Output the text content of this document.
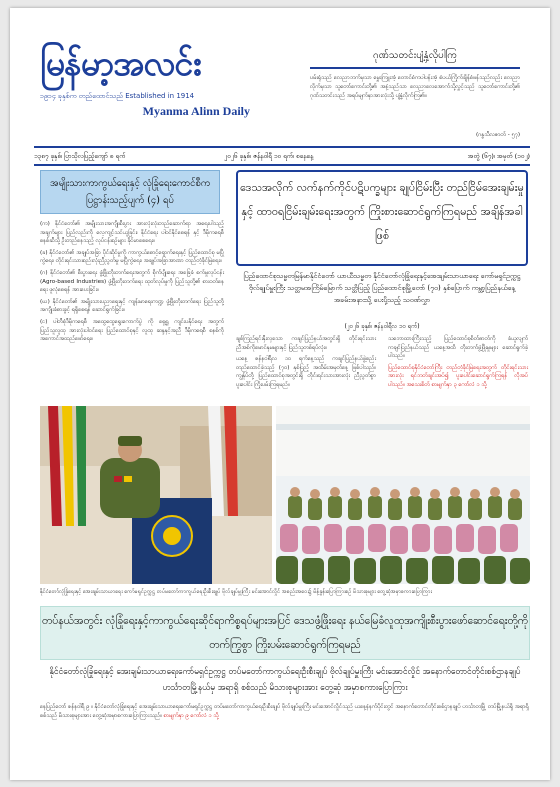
မြန်မာ့အလင်း
၁၉၁၄ ခုနှစ်က တည်ထောင်သည် Established in 1914
Myanma Alinn Daily
ဂုဏ်သတင်းပျံ့နှံ့လိုပါကြ
ပမ်းရုံသည် လေညာဘက်မှသာ မွှေးကြူးအံ့ တောင်စံကပါပန်းအံ့ စံပယ်ကြိုက်ချိန်စံဖန်သည်လည်း လေညာလိုက်မှသာ သူတော်ကောင်းတို့၏ အနံ့သည်သာ လေညာလေအောက်သို့လွှင့်သည် သူတော်ကောင်းတို့၏ ဂုဏ်သတင်းသည် အရပ်မျက်နှာအားလုံးသို့ ပျံ့နှံ့လိုက်ကြ၏။
(ဂန္ဓသီလဇာတ် - ၅၇)
၁၃၈၇ ခုနှစ်၊ ပြာသိုလပြည့်ကျော် ၈ ရက်	၂၀၂၆ ခုနှစ်၊ ဇန်နဝါရီ ၁၀ ရက်၊ စနေနေ့	အတွဲ (၆၇)၊ အမှတ် (၁၀၂)
အမျိုးသားကာကွယ်ရေးနှင့် လုံခြုံရေးကောင်စီကပြဋ္ဌာန်းသည့်ပျက် (၄) ရပ်

(က) နိုင်ငံတော်၏ အမျိုးသားအကျိုးစီးပွား အားလုံးလုံးတည်ဆောက်ရာ အရေးပါသည့် အချက်များ ပြည်လည်းကို လေ့ကျင့်သင်ယူခြင်း၊ နိုင်ငံရေး ပါဝင်နိုင်စေရန် နှင့် ဒီမိုကရေစီ စနစ်ဆီသို့ ဦးတည်နေသည့် လုပ်ငန်းစဉ်များ ခိုင်မာစေရေး။

(ခ) နိုင်ငံတော်၏ အချုပ်အခြာ ပိုင်ဆိုင်မှုကို ကာကွယ်စောင့်ရှောက်ရေးနှင့် ပြည်ထောင်စု မပြိုကွဲရေး၊ တိုင်းရင်းသားစည်းလုံးညီညွတ်မှု မပြိုကွဲရေး၊ အချုပ်အခြာအာဏာ တည်တံ့ခိုင်မြဲရေး။

(ဂ) နိုင်ငံတော်၏ စီးပွားရေး ဖွံ့ဖြိုးတိုးတက်ရေးအတွက် စိုက်ပျိုးရေး အခြေခံ စက်မှုလုပ်ငန်း (Agro-based Industries) ဖွံ့ဖြိုးတိုးတက်ရေး ထုတ်လုပ်မှုကို ပြည်သူတို့၏ စားဝတ်နေရေး ဖူလုံစေရန် အားပေးခြင်း။

(ဃ) နိုင်ငံတော်၏ အမျိုးသားပညာရေးနှင့် ကျန်းမာရေးကဏ္ဍ ဖွံ့ဖြိုးတိုးတက်ရေး ပြည်သူတို့ အကျိုးခံစားခွင့် ရရှိစေရန် ဆောင်ရွက်ခြင်း။

(င) ပါတီစုံဒီမိုကရေစီ အထွေထွေရွေးကောက်ပွဲ ကို ရှေ့ရှု ကျင်းပနိုင်ရေး အတွက် ပြည်သူလူထု အားလုံးပါဝင်ရေး ပြည်ထောင်စုနှင့် လူထု ဆန္ဒနှင့်အညီ ဒီမိုကရေစီ စနစ်ကို အကောင်အထည်ဖော်ရေး။

ဒေသအလိုက် လက်နက်ကိုင်ပဋိပက္ခများ ချုပ်ငြိမ်းပြီး တည်ငြိမ်အေးချမ်းမှုနှင့် ထာဝရငြိမ်းချမ်းရေးအတွက် ကြိုးစားဆောင်ရွက်ကြရမည် အချိန်အခါဖြစ်
ပြည်ထောင်စုသမ္မတမြန်မာနိုင်ငံတော် ယာယီသမ္မတ နိုင်ငံတော်လုံခြုံရေးနှင့်အေးချမ်းသာယာရေး ကော်မရှင်ဥက္ကဋ္ဌ ဗိုလ်ချုပ်မှူးကြီး သတ္တမအကြိမ်မြောက် သတ္တိပြည့် ပြည်ထောင်စုမြို့တော် (၇၀) နှစ်ပြောက် ကမ္ဘာ့ပြည်နယ်နေ့ အခမ်းအနားသို့ ပေးပို့သည့် သဝဏ်လွှာ
(၂၀၂၆ ခုနှစ်၊ ဇန်နဝါရီလ ၁၀ ရက်)

ချစ်ကြည်ရင်းနှီးလှသော ကချင်ပြည်နယ်အတွင်းရှိ တိုင်းရင်းသားညီအစ်ကိုမောင်နှမများနှင့် ပြည်သူတစ်ရပ်လုံး။

ယနေ့ ဇန်နဝါရီလ ၁၀ ရက်နေ့သည် ကချင်ပြည်နယ်ဖွဲ့စည်းတည်ထောင်ခဲ့သည့် (၇၀) နှစ်ပြည့် အထိမ်းအမှတ်နေ့ ဖြစ်ပါသည်။ ကျွန်ုပ်တို့ ပြည်ထောင်စုအတွင်းရှိ တိုင်းရင်းသားအားလုံး ညီညွတ်စွာ ပူးပေါင်း ကြိုးပမ်းကြရမည်။

သဘောထားကြီးသည့် ပြည်ထောင်စုစိတ်ဓာတ်ကို ခံယူလျက် ကချင်ပြည်နယ်သည် ယနေ့အထိ တိုးတက်ဖွံ့ဖြိုးမှုများ ဆောင်ရွက်ခဲ့ပါသည်။

ပြည်ထောင်စုနိုင်ငံတော်ကြီး တည်တံ့ခိုင်မြဲရေးအတွက် တိုင်းရင်းသားအားလုံး ရင်ဘတ်ချင်းအပ်၍ ပူးပေါင်းဆောင်ရွက်ကြရန် လိုအပ်ပါသည်။ အသေးစိတ် စာမျက်နှာ ၃ ကော်လံ ၁ သို့

နိုင်ငံတော်လုံခြုံရေးနှင့် အေးချမ်းသာယာရေး ကော်မရှင်ဥက္ကဋ္ဌ တပ်မတော်ကာကွယ်ရေးဦးစီးချုပ် ဗိုလ်ချုပ်မှူးကြီး မင်းအောင်လှိုင် အစည်းအဝေး၌ မိန့်ခွန်းပြောကြားစဉ် မိသားစုများ တွေ့ဆုံအမှာစကားပြောကြား
တပ်နယ်အတွင်း လုံခြုံရေးနှင့်ကာကွယ်ရေးဆိုင်ရာကိစ္စရပ်များအပြင် ဒေသဖွံ့ဖြိုးရေး နယ်မြေခံလူထုအကျိုးစီးပွားဖော်ဆောင်ရေးတို့ကို တက်ကြွစွာ ကြိုးပမ်းဆောင်ရွက်ကြရမည်
နိုင်ငံတော်လုံခြုံရေးနှင့် အေးချမ်းသာယာရေးကော်မရှင်ဥက္ကဋ္ဌ တပ်မတော်ကာကွယ်ရေးဦးစီးချုပ် ဗိုလ်ချုပ်မှူးကြီး မင်းအောင်လှိုင် အနောက်တောင်တိုင်းစစ်ဌာနချုပ် ဟင်္သာတမြို့နယ်မှ အရာရှိ စစ်သည် မိသားစုများအား တွေ့ဆုံ အမှာစကားပြောကြား
နေပြည်တော် ဇန်နဝါရီ ၉ ။ နိုင်ငံတော်လုံခြုံရေးနှင့် အေးချမ်းသာယာရေးကော်မရှင်ဥက္ကဋ္ဌ တပ်မတော်ကာကွယ်ရေးဦးစီးချုပ် ဗိုလ်ချုပ်မှူးကြီး မင်းအောင်လှိုင်သည် ယနေ့နံနက်ပိုင်းတွင် အနောက်တောင်တိုင်းစစ်ဌာနချုပ် ဟင်္သာတမြို့ တပ်မြို့နယ်ရှိ အရာရှိ စစ်သည် မိသားစုများအား တွေ့ဆုံအမှာစကားပြောကြားသည်။ စာမျက်နှာ ၉ ကော်လံ ၁ သို့
